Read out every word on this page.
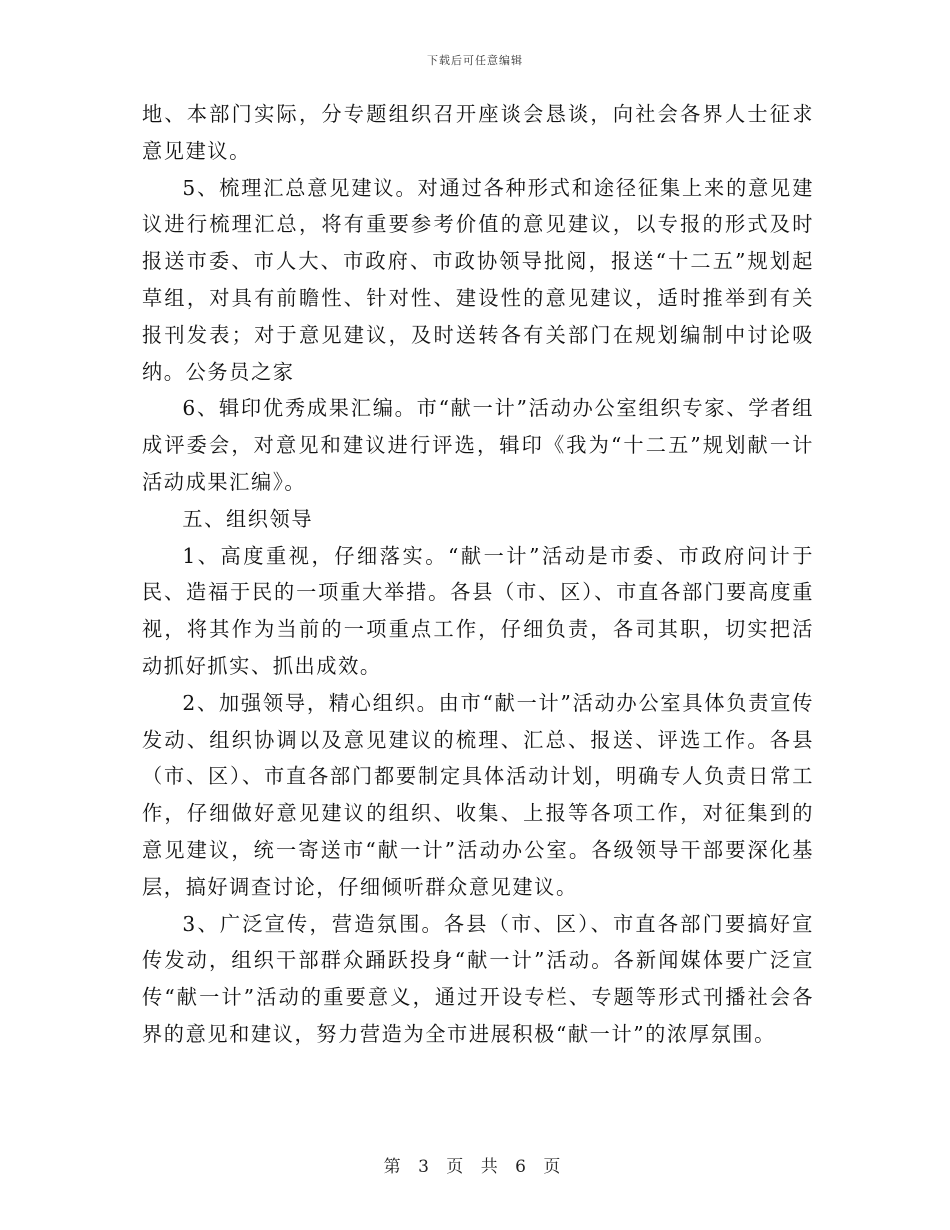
下载后可任意编辑

地、本部门实际，分专题组织召开座谈会恳谈，向社会各界人士征求意见建议。

5、梳理汇总意见建议。对通过各种形式和途径征集上来的意见建议进行梳理汇总，将有重要参考价值的意见建议，以专报的形式及时报送市委、市人大、市政府、市政协领导批阅，报送“十二五”规划起草组，对具有前瞻性、针对性、建设性的意见建议，适时推举到有关报刊发表；对于意见建议，及时送转各有关部门在规划编制中讨论吸纳。公务员之家

6、辑印优秀成果汇编。市“献一计”活动办公室组织专家、学者组成评委会，对意见和建议进行评选，辑印《我为“十二五”规划献一计活动成果汇编》。

五、组织领导

1、高度重视，仔细落实。“献一计”活动是市委、市政府问计于民、造福于民的一项重大举措。各县（市、区）、市直各部门要高度重视，将其作为当前的一项重点工作，仔细负责，各司其职，切实把活动抓好抓实、抓出成效。

2、加强领导，精心组织。由市“献一计”活动办公室具体负责宣传发动、组织协调以及意见建议的梳理、汇总、报送、评选工作。各县（市、区）、市直各部门都要制定具体活动计划，明确专人负责日常工作，仔细做好意见建议的组织、收集、上报等各项工作，对征集到的意见建议，统一寄送市“献一计”活动办公室。各级领导干部要深化基层，搞好调查讨论，仔细倾听群众意见建议。

3、广泛宣传，营造氛围。各县（市、区）、市直各部门要搞好宣传发动，组织干部群众踊跃投身“献一计”活动。各新闻媒体要广泛宣传“献一计”活动的重要意义，通过开设专栏、专题等形式刊播社会各界的意见和建议，努力营造为全市进展积极“献一计”的浓厚氛围。

第 3 页 共 6 页
